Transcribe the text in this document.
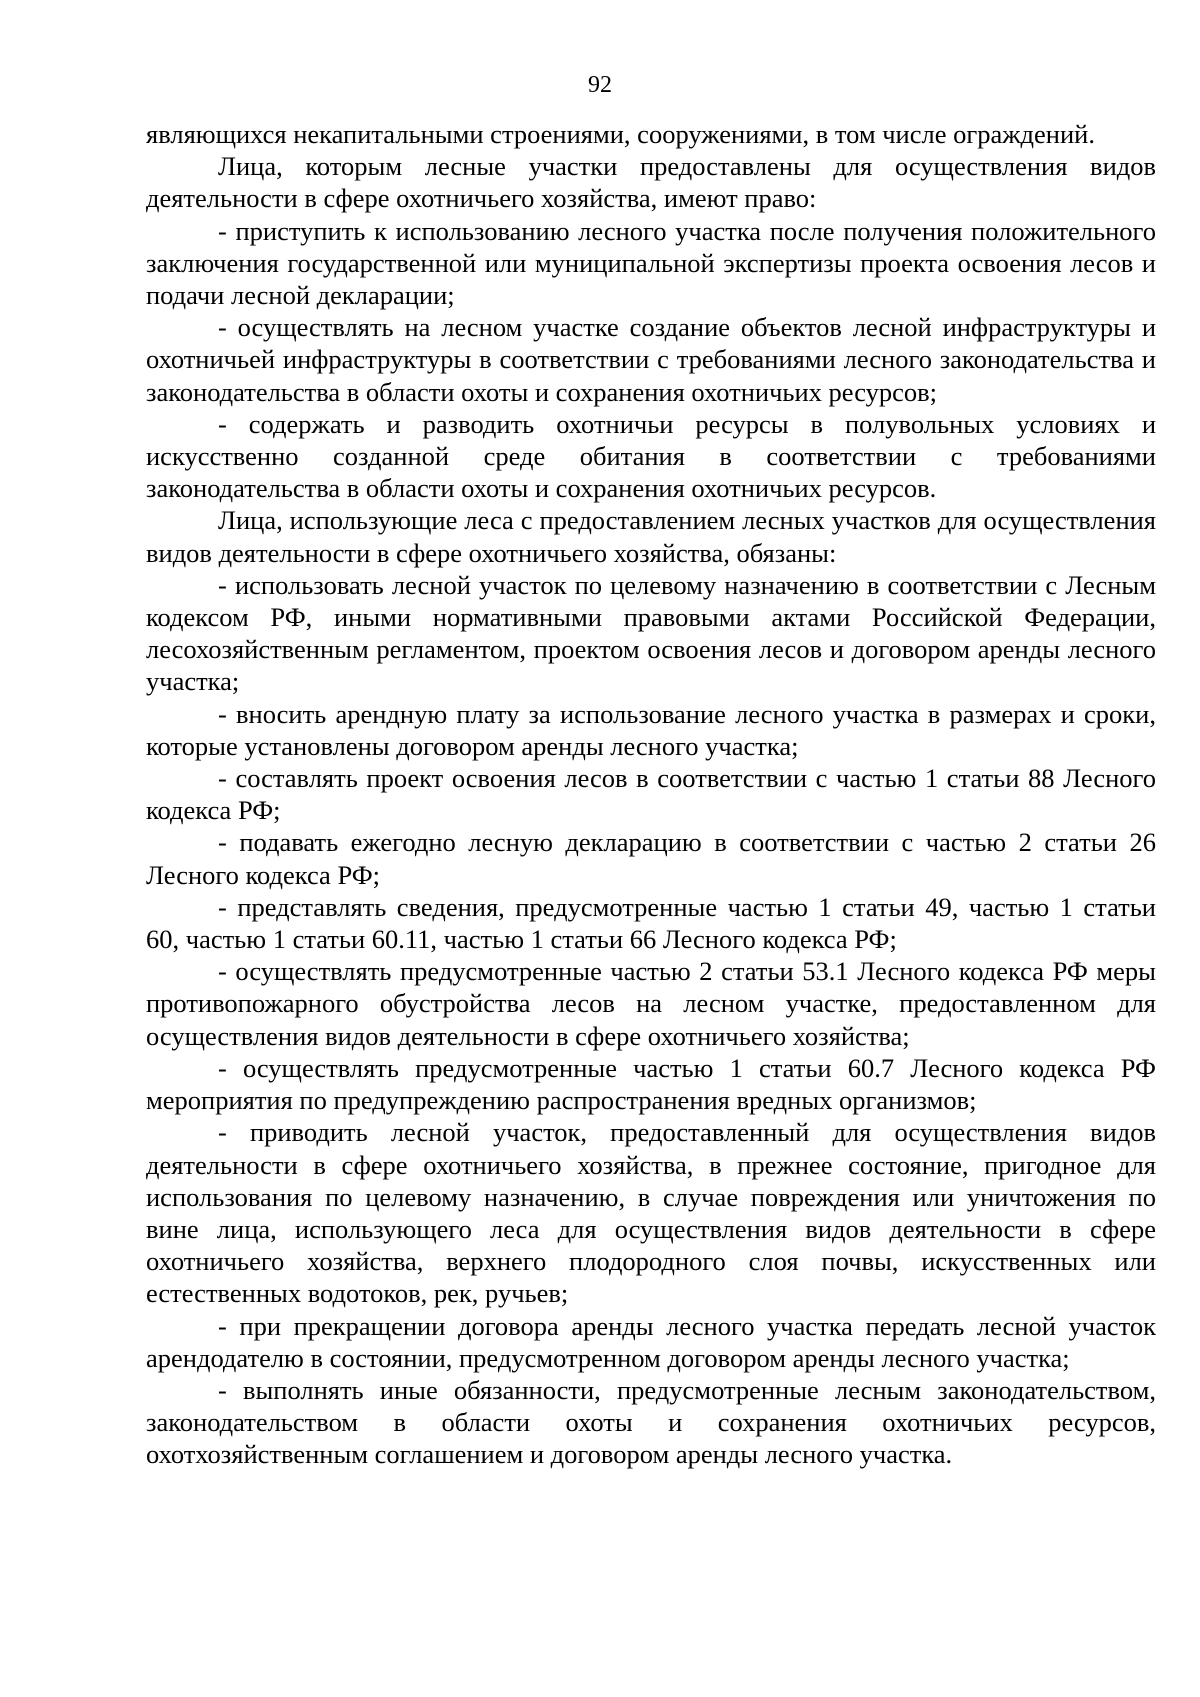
92

являющихся некапитальными строениями, сооружениями, в том числе ограждений.

Лица, которым лесные участки предоставлены для осуществления видов деятельности в сфере охотничьего хозяйства, имеют право:

- приступить к использованию лесного участка после получения положительного заключения государственной или муниципальной экспертизы проекта освоения лесов и подачи лесной декларации;

- осуществлять на лесном участке создание объектов лесной инфраструктуры и охотничьей инфраструктуры в соответствии с требованиями лесного законодательства и законодательства в области охоты и сохранения охотничьих ресурсов;

- содержать и разводить охотничьи ресурсы в полувольных условиях и искусственно созданной среде обитания в соответствии с требованиями законодательства в области охоты и сохранения охотничьих ресурсов.

Лица, использующие леса с предоставлением лесных участков для осуществления видов деятельности в сфере охотничьего хозяйства, обязаны:

- использовать лесной участок по целевому назначению в соответствии с Лесным кодексом РФ, иными нормативными правовыми актами Российской Федерации, лесохозяйственным регламентом, проектом освоения лесов и договором аренды лесного участка;

- вносить арендную плату за использование лесного участка в размерах и сроки, которые установлены договором аренды лесного участка;

- составлять проект освоения лесов в соответствии с частью 1 статьи 88 Лесного кодекса РФ;

- подавать ежегодно лесную декларацию в соответствии с частью 2 статьи 26 Лесного кодекса РФ;

- представлять сведения, предусмотренные частью 1 статьи 49, частью 1 статьи 60, частью 1 статьи 60.11, частью 1 статьи 66 Лесного кодекса РФ;

- осуществлять предусмотренные частью 2 статьи 53.1 Лесного кодекса РФ меры противопожарного обустройства лесов на лесном участке, предоставленном для осуществления видов деятельности в сфере охотничьего хозяйства;

- осуществлять предусмотренные частью 1 статьи 60.7 Лесного кодекса РФ мероприятия по предупреждению распространения вредных организмов;

- приводить лесной участок, предоставленный для осуществления видов деятельности в сфере охотничьего хозяйства, в прежнее состояние, пригодное для использования по целевому назначению, в случае повреждения или уничтожения по вине лица, использующего леса для осуществления видов деятельности в сфере охотничьего хозяйства, верхнего плодородного слоя почвы, искусственных или естественных водотоков, рек, ручьев;

- при прекращении договора аренды лесного участка передать лесной участок арендодателю в состоянии, предусмотренном договором аренды лесного участка;

- выполнять иные обязанности, предусмотренные лесным законодательством, законодательством в области охоты и сохранения охотничьих ресурсов, охотхозяйственным соглашением и договором аренды лесного участка.
